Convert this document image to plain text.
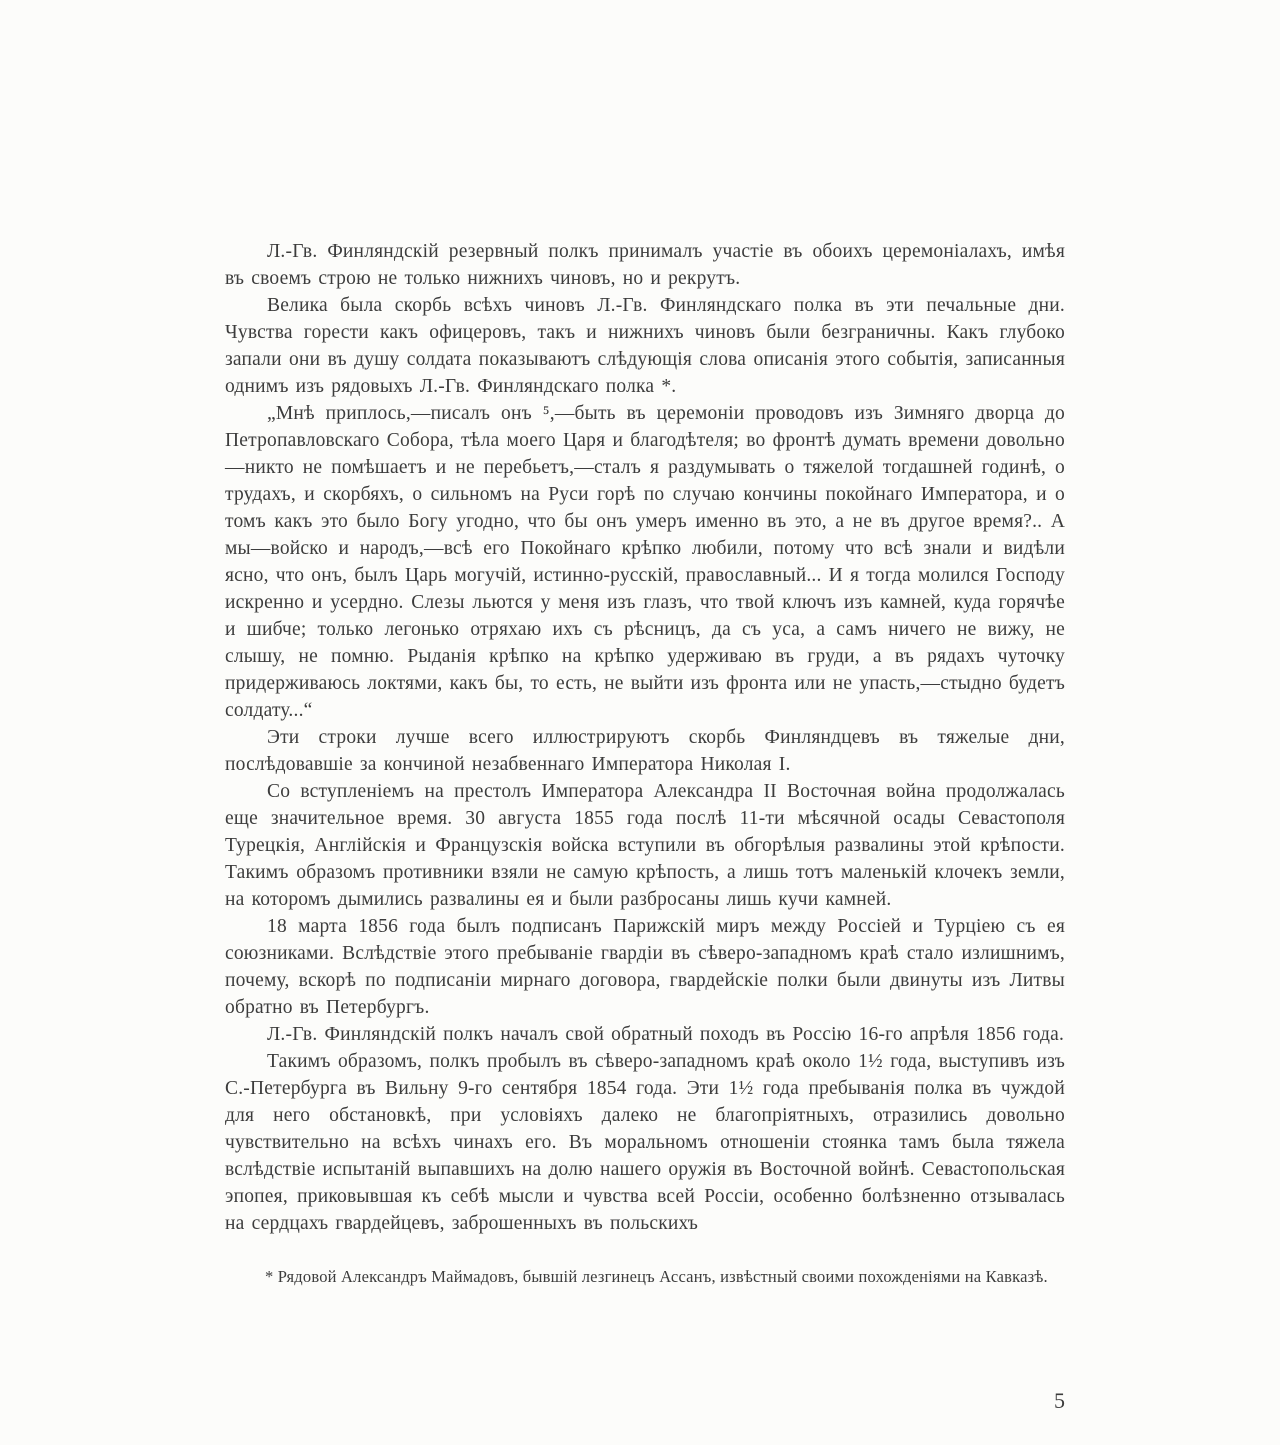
Л.-Гв. Финляндскій резервный полкъ принималъ участіе въ обоихъ церемоніалахъ, имѣя въ своемъ строю не только нижнихъ чиновъ, но и рекрутъ.

Велика была скорбь всѣхъ чиновъ Л.-Гв. Финляндскаго полка въ эти печальные дни. Чувства горести какъ офицеровъ, такъ и нижнихъ чиновъ были безграничны. Какъ глубоко запали они въ душу солдата показываютъ слѣдующія слова описанія этого событія, записанныя однимъ изъ рядовыхъ Л.-Гв. Финляндскаго полка *.

„Мнѣ приплось,—писалъ онъ ⁵,—быть въ церемоніи проводовъ изъ Зимняго дворца до Петропавловскаго Собора, тѣла моего Царя и благодѣтеля; во фронтѣ думать времени довольно—никто не помѣшаетъ и не перебьетъ,—сталъ я раздумывать о тяжелой тогдашней годинѣ, о трудахъ, и скорбяхъ, о сильномъ на Руси горѣ по случаю кончины покойнаго Императора, и о томъ какъ это было Богу угодно, что бы онъ умеръ именно въ это, а не въ другое время?.. А мы—войско и народъ,—всѣ его Покойнаго крѣпко любили, потому что всѣ знали и видѣли ясно, что онъ, былъ Царь могучій, истинно-русскій, православный... И я тогда молился Господу искренно и усердно. Слезы льются у меня изъ глазъ, что твой ключъ изъ камней, куда горячѣе и шибче; только легонько отряхаю ихъ съ рѣсницъ, да съ уса, а самъ ничего не вижу, не слышу, не помню. Рыданія крѣпко на крѣпко удерживаю въ груди, а въ рядахъ чуточку придерживаюсь локтями, какъ бы, то есть, не выйти изъ фронта или не упасть,—стыдно будетъ солдату...“

Эти строки лучше всего иллюстрируютъ скорбь Финляндцевъ въ тяжелые дни, послѣдовавшіе за кончиной незабвеннаго Императора Николая I.

Со вступленіемъ на престолъ Императора Александра II Восточная война продолжалась еще значительное время. 30 августа 1855 года послѣ 11-ти мѣсячной осады Севастополя Турецкія, Англійскія и Французскія войска вступили въ обгорѣлыя развалины этой крѣпости. Такимъ образомъ противники взяли не самую крѣпость, а лишь тотъ маленькій клочекъ земли, на которомъ дымились развалины ея и были разбросаны лишь кучи камней.

18 марта 1856 года былъ подписанъ Парижскій миръ между Россіей и Турціею съ ея союзниками. Вслѣдствіе этого пребываніе гвардіи въ сѣверо-западномъ краѣ стало излишнимъ, почему, вскорѣ по подписаніи мирнаго договора, гвардейскіе полки были двинуты изъ Литвы обратно въ Петербургъ.

Л.-Гв. Финляндскій полкъ началъ свой обратный походъ въ Россію 16-го апрѣля 1856 года.

Такимъ образомъ, полкъ пробылъ въ сѣверо-западномъ краѣ около 1½ года, выступивъ изъ С.-Петербурга въ Вильну 9-го сентября 1854 года. Эти 1½ года пребыванія полка въ чуждой для него обстановкѣ, при условіяхъ далеко не благопріятныхъ, отразились довольно чувствительно на всѣхъ чинахъ его. Въ моральномъ отношеніи стоянка тамъ была тяжела вслѣдствіе испытаній выпавшихъ на долю нашего оружія въ Восточной войнѣ. Севастопольская эпопея, приковывшая къ себѣ мысли и чувства всей Россіи, особенно болѣзненно отзывалась на сердцахъ гвардейцевъ, заброшенныхъ въ польскихъ

* Рядовой Александръ Маймадовъ, бывшій лезгинецъ Ассанъ, извѣстный своими похожденіями на Кавказѣ.
5
